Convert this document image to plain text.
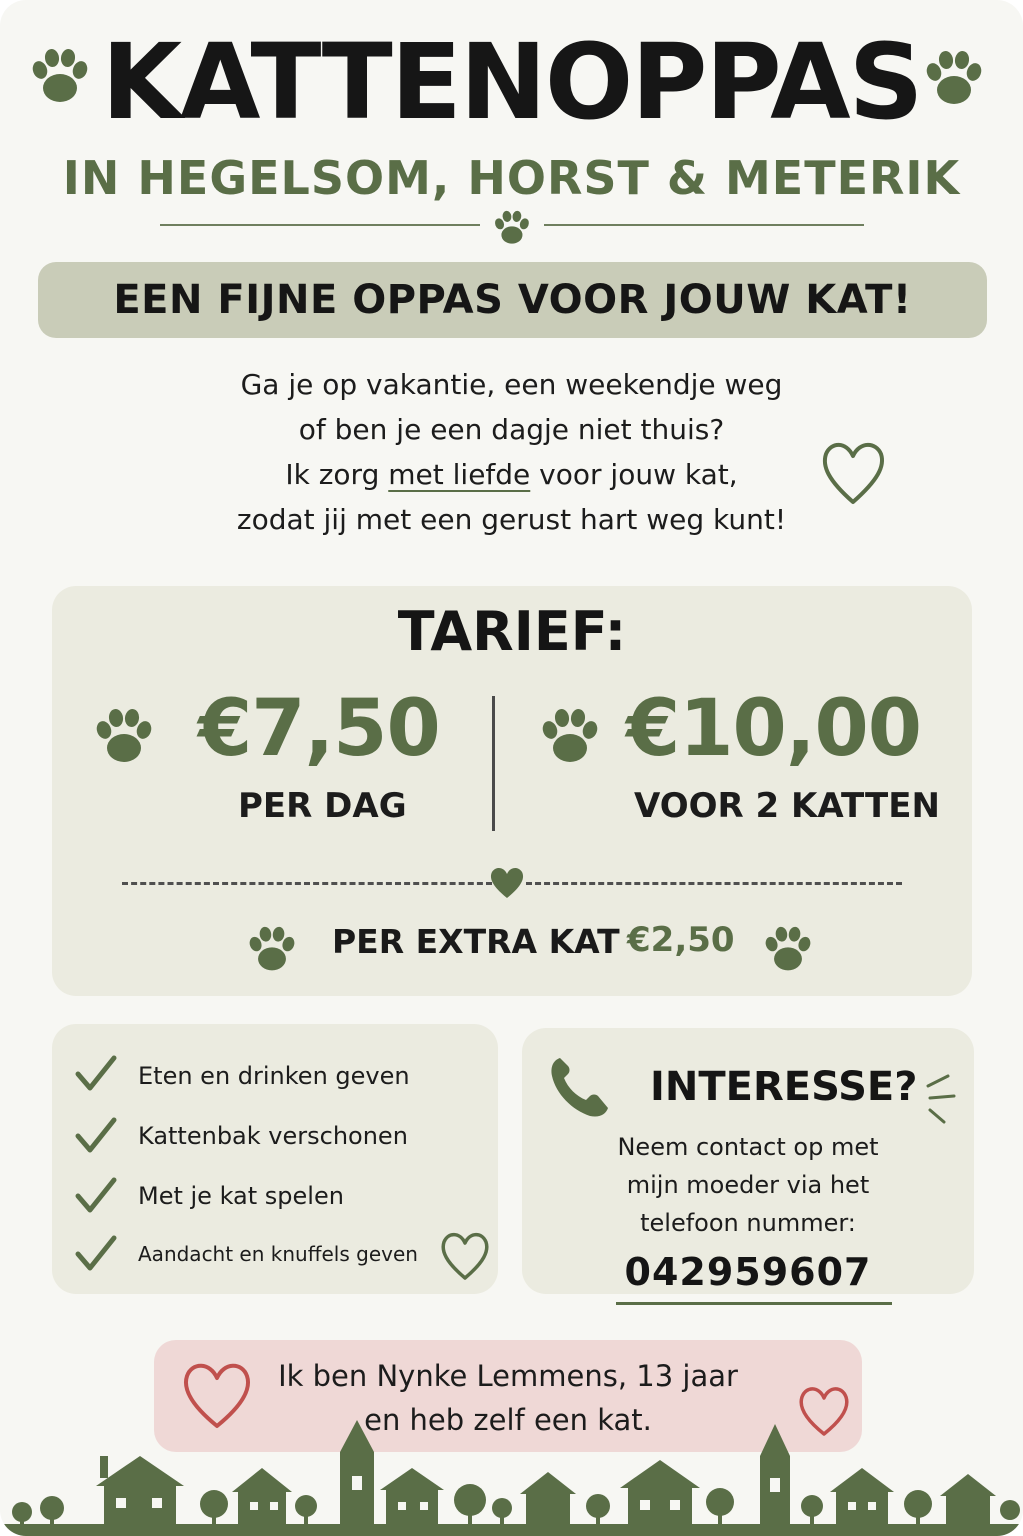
KATTENOPPAS
IN HEGELSOM, HORST & METERIK
EEN FIJNE OPPAS VOOR JOUW KAT!
Ga je op vakantie, een weekendje weg
of ben je een dagje niet thuis?
Ik zorg met liefde voor jouw kat,
zodat jij met een gerust hart weg kunt!
TARIEF:
€7,50
PER DAG
€10,00
VOOR 2 KATTEN
PER EXTRA KAT €2,50
Eten en drinken geven
Kattenbak verschonen
Met je kat spelen
Aandacht en knuffels geven
INTERESSE?
Neem contact op met
mijn moeder via het
telefoon nummer:
042959607
Ik ben Nynke Lemmens, 13 jaar
en heb zelf een kat.
